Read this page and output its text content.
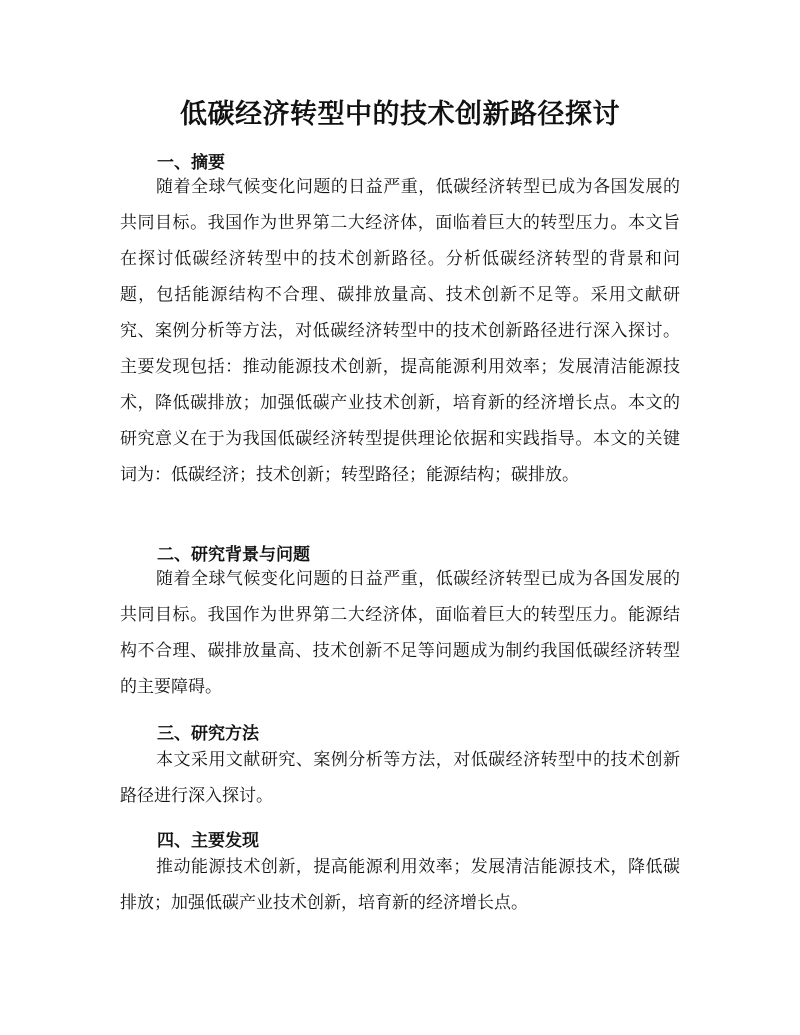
低碳经济转型中的技术创新路径探讨
一、摘要

随着全球气候变化问题的日益严重，低碳经济转型已成为各国发展的共同目标。我国作为世界第二大经济体，面临着巨大的转型压力。本文旨在探讨低碳经济转型中的技术创新路径。分析低碳经济转型的背景和问题，包括能源结构不合理、碳排放量高、技术创新不足等。采用文献研究、案例分析等方法，对低碳经济转型中的技术创新路径进行深入探讨。主要发现包括：推动能源技术创新，提高能源利用效率；发展清洁能源技术，降低碳排放；加强低碳产业技术创新，培育新的经济增长点。本文的研究意义在于为我国低碳经济转型提供理论依据和实践指导。本文的关键词为：低碳经济；技术创新；转型路径；能源结构；碳排放。

二、研究背景与问题

随着全球气候变化问题的日益严重，低碳经济转型已成为各国发展的共同目标。我国作为世界第二大经济体，面临着巨大的转型压力。能源结构不合理、碳排放量高、技术创新不足等问题成为制约我国低碳经济转型的主要障碍。

三、研究方法

本文采用文献研究、案例分析等方法，对低碳经济转型中的技术创新路径进行深入探讨。

四、主要发现

推动能源技术创新，提高能源利用效率；发展清洁能源技术，降低碳排放；加强低碳产业技术创新，培育新的经济增长点。
